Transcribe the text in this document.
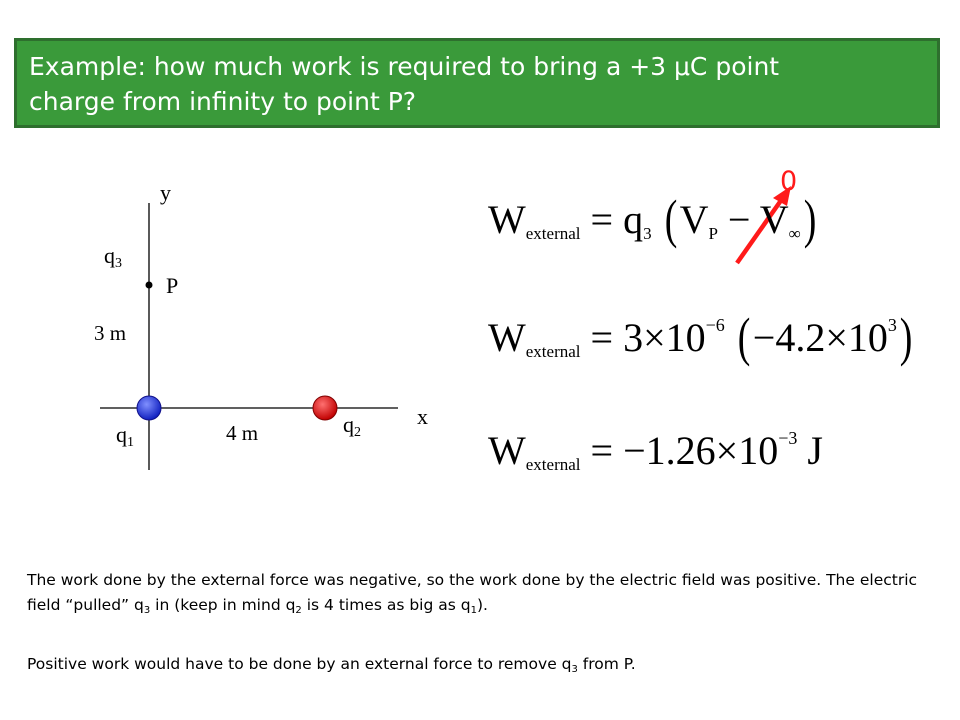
Example: how much work is required to bring a +3 μC point
charge from infinity to point P?
y
x
q3
P
3 m
4 m
q1
q2
$W_{external} = q_3$ $(V_P - V_\infty)$
0
$W_{external} = 3\times 10^{-6}$ $(-4.2\times 10^3)$
$W_{external} = -1.26\times 10^{-3}$ J
The work done by the external force was negative, so the work done by the electric field was positive. The electric field “pulled” $q_3$ in (keep in mind $q_2$ is 4 times as big as $q_1$).
Positive work would have to be done by an external force to remove $q_3$ from P.
